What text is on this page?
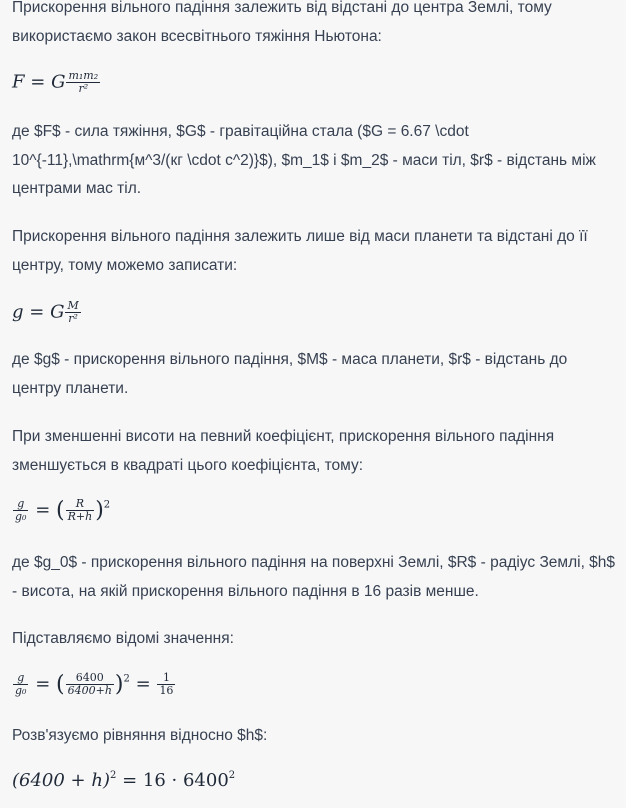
Прискорення вільного падіння залежить від відстані до центра Землі, тому використаємо закон всесвітнього тяжіння Ньютона:

F = G $\frac{\text{m₁m₂}}{\text{r²}}$

де $F$ - сила тяжіння, $G$ - гравітаційна стала ($G = 6.67 \cdot 10^{-11},\mathrm{м^3/(кг \cdot с^2)}$), $m_1$ і $m_2$ - маси тіл, $r$ - відстань між центрами мас тіл.

Прискорення вільного падіння залежить лише від маси планети та відстані до її центру, тому можемо записати:

g = G $\frac{M}{\text{r²}}$

де $g$ - прискорення вільного падіння, $M$ - маса планети, $r$ - відстань до центру планети.

При зменшенні висоти на певний коефіцієнт, прискорення вільного падіння зменшується в квадраті цього коефіцієнта, тому:

$\frac{g}{\text{g₀}}$ = ( $\frac{R}{R+h} )^2$

де $g_0$ - прискорення вільного падіння на поверхні Землі, $R$ - радіус Землі, $h$ - висота, на якій прискорення вільного падіння в 16 разів менше.

Підставляємо відомі значення:

$\frac{g}{\text{g₀}}$ = ( $\frac{6400}{6400+h} )^2 = \frac{1}{16}$

Розв'язуємо рівняння відносно $h$:

$(6400 + h)^2 = 16 \cdot 6400^2$
